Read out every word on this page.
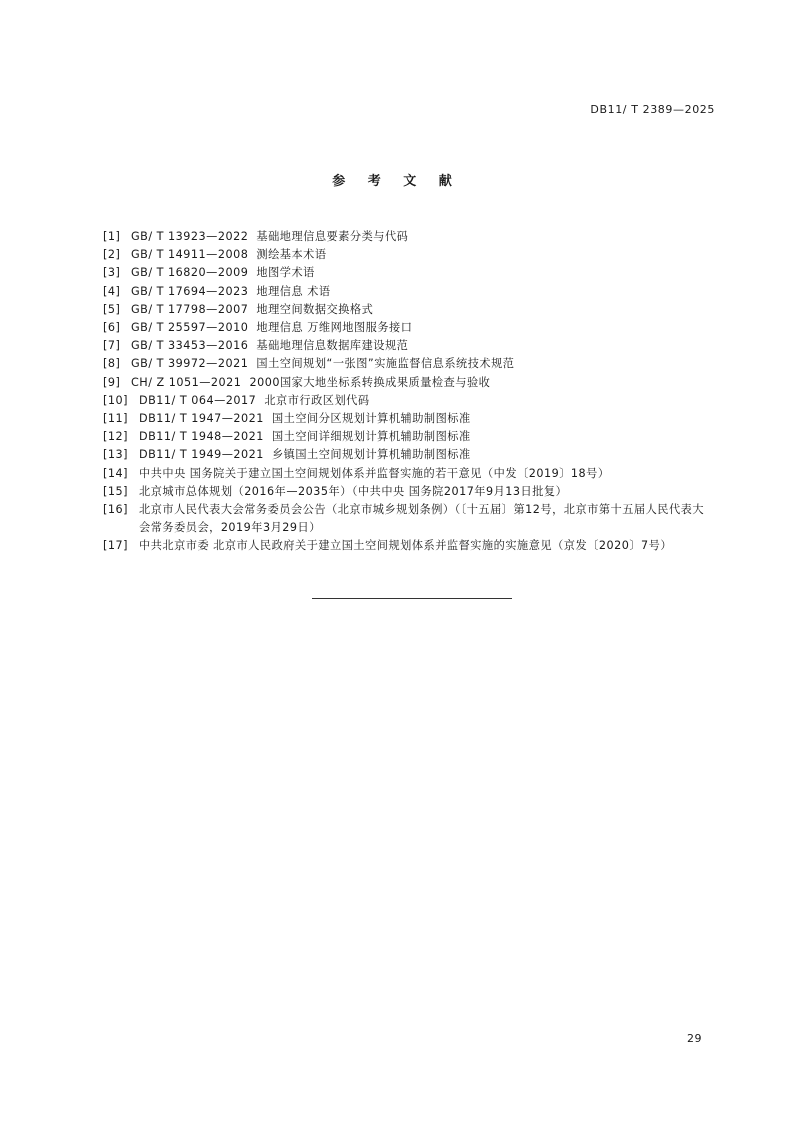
DB11/ T 2389—2025
参 考 文 献
[1] GB/ T 13923—2022  基础地理信息要素分类与代码
[2] GB/ T 14911—2008  测绘基本术语
[3] GB/ T 16820—2009  地图学术语
[4] GB/ T 17694—2023  地理信息 术语
[5] GB/ T 17798—2007  地理空间数据交换格式
[6] GB/ T 25597—2010  地理信息 万维网地图服务接口
[7] GB/ T 33453—2016  基础地理信息数据库建设规范
[8] GB/ T 39972—2021  国土空间规划“一张图”实施监督信息系统技术规范
[9] CH/ Z 1051—2021  2000国家大地坐标系转换成果质量检查与验收
[10] DB11/ T 064—2017  北京市行政区划代码
[11] DB11/ T 1947—2021  国土空间分区规划计算机辅助制图标准
[12] DB11/ T 1948—2021  国土空间详细规划计算机辅助制图标准
[13] DB11/ T 1949—2021  乡镇国土空间规划计算机辅助制图标准
[14] 中共中央 国务院关于建立国土空间规划体系并监督实施的若干意见（中发〔2019〕18号）
[15] 北京城市总体规划（2016年—2035年）（中共中央 国务院2017年9月13日批复）
[16] 北京市人民代表大会常务委员会公告（北京市城乡规划条例）（〔十五届〕第12号，北京市第十五届人民代表大会常务委员会，2019年3月29日）
[17] 中共北京市委 北京市人民政府关于建立国土空间规划体系并监督实施的实施意见（京发〔2020〕7号）
29
